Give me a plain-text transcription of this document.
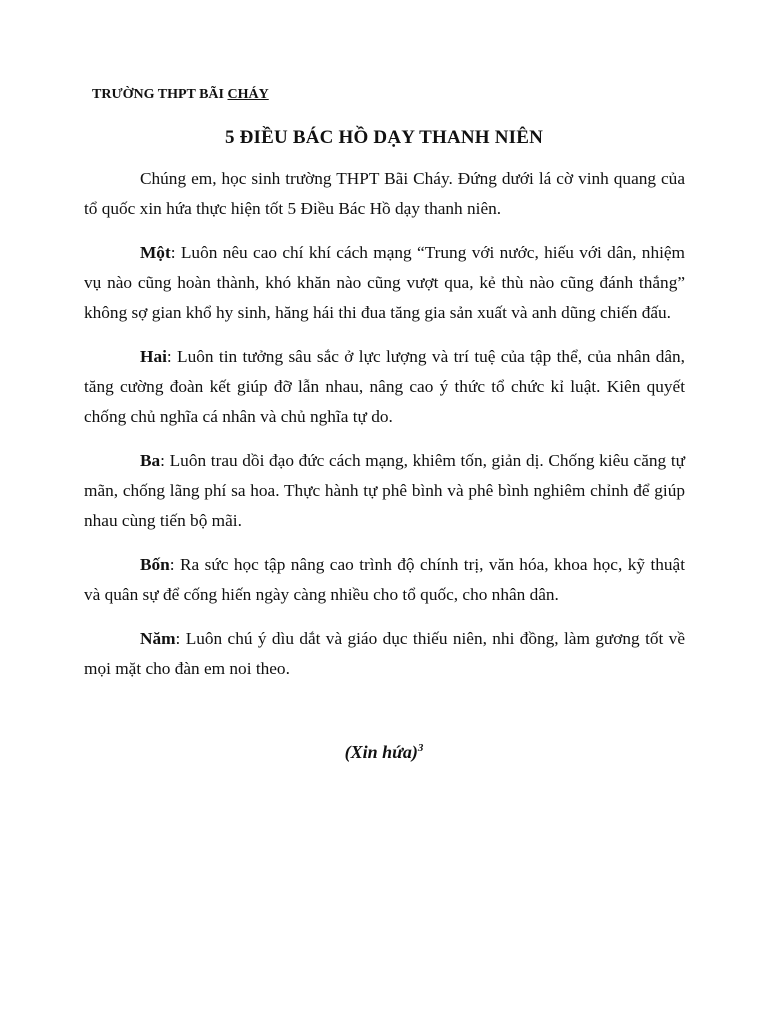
TRƯỜNG THPT BÃI CHÁY
5 ĐIỀU BÁC HỒ DẠY THANH NIÊN

Chúng em, học sinh trường THPT Bãi Cháy. Đứng dưới lá cờ vinh quang của tổ quốc xin hứa thực hiện tốt 5 Điều Bác Hồ dạy thanh niên.

Một: Luôn nêu cao chí khí cách mạng “Trung với nước, hiếu với dân, nhiệm vụ nào cũng hoàn thành, khó khăn nào cũng vượt qua, kẻ thù nào cũng đánh thắng” không sợ gian khổ hy sinh, hăng hái thi đua tăng gia sản xuất và anh dũng chiến đấu.

Hai: Luôn tin tưởng sâu sắc ở lực lượng và trí tuệ của tập thể, của nhân dân, tăng cường đoàn kết giúp đỡ lẫn nhau, nâng cao ý thức tổ chức kỉ luật. Kiên quyết chống chủ nghĩa cá nhân và chủ nghĩa tự do.

Ba: Luôn trau dồi đạo đức cách mạng, khiêm tốn, giản dị. Chống kiêu căng tự mãn, chống lãng phí sa hoa. Thực hành tự phê bình và phê bình nghiêm chỉnh để giúp nhau cùng tiến bộ mãi.

Bốn: Ra sức học tập nâng cao trình độ chính trị, văn hóa, khoa học, kỹ thuật và quân sự để cống hiến ngày càng nhiều cho tổ quốc, cho nhân dân.

Năm: Luôn chú ý dìu dắt và giáo dục thiếu niên, nhi đồng, làm gương tốt về mọi mặt cho đàn em noi theo.

(Xin hứa)$^3$
